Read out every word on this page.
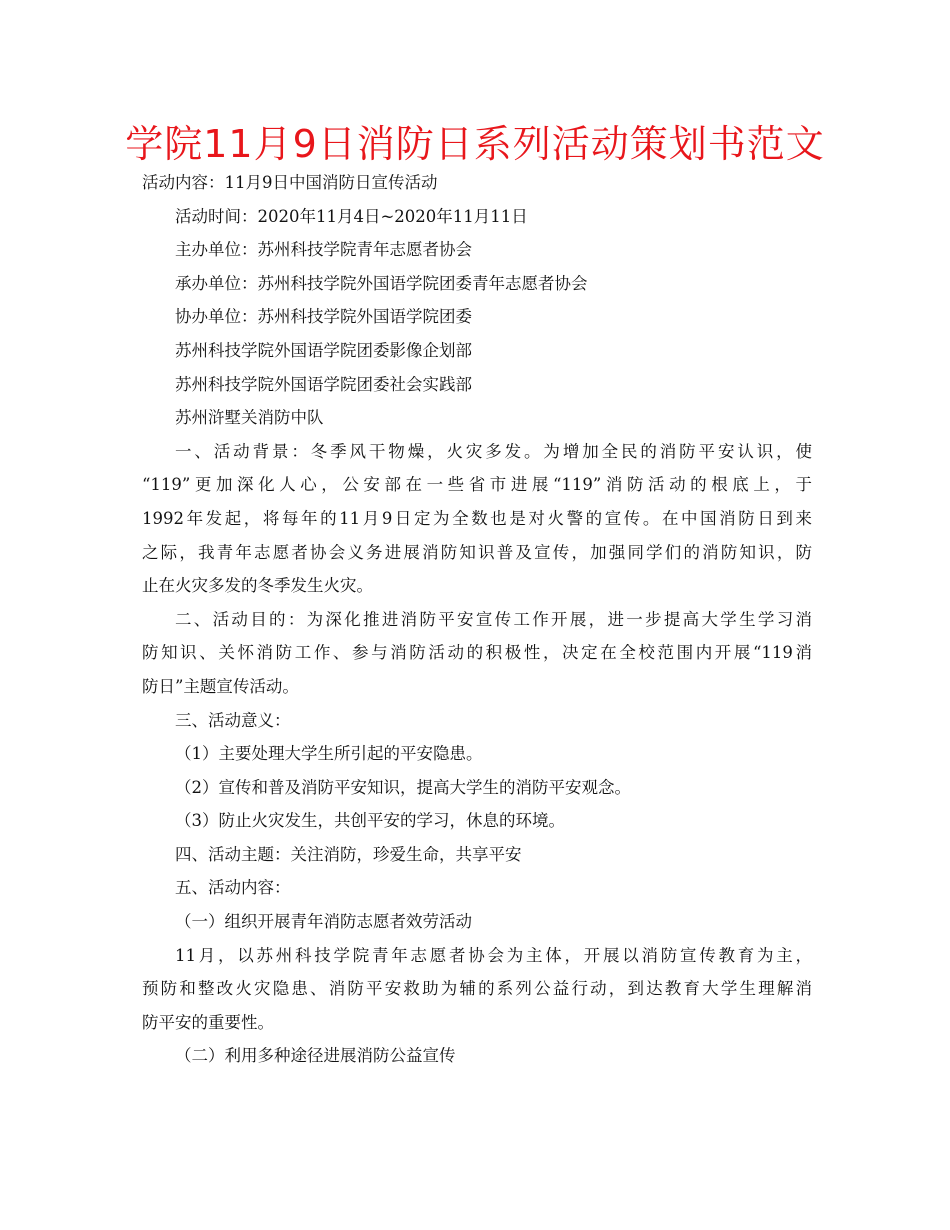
学院11月9日消防日系列活动策划书范文
活动内容：11月9日中国消防日宣传活动
活动时间：2020年11月4日~2020年11月11日
主办单位：苏州科技学院青年志愿者协会
承办单位：苏州科技学院外国语学院团委青年志愿者协会
协办单位：苏州科技学院外国语学院团委
苏州科技学院外国语学院团委影像企划部
苏州科技学院外国语学院团委社会实践部
苏州浒墅关消防中队
一、活动背景：冬季风干物燥，火灾多发。为增加全民的消防平安认识，使
“119”更加深化人心，公安部在一些省市进展“119”消防活动的根底上，于
1992年发起，将每年的11月9日定为全数也是对火警的宣传。在中国消防日到来
之际，我青年志愿者协会义务进展消防知识普及宣传，加强同学们的消防知识，防
止在火灾多发的冬季发生火灾。
二、活动目的：为深化推进消防平安宣传工作开展，进一步提高大学生学习消
防知识、关怀消防工作、参与消防活动的积极性，决定在全校范围内开展“119消
防日”主题宣传活动。
三、活动意义：
（1）主要处理大学生所引起的平安隐患。
（2）宣传和普及消防平安知识，提高大学生的消防平安观念。
（3）防止火灾发生，共创平安的学习，休息的环境。
四、活动主题：关注消防，珍爱生命，共享平安
五、活动内容：
（一）组织开展青年消防志愿者效劳活动
11月，以苏州科技学院青年志愿者协会为主体，开展以消防宣传教育为主，
预防和整改火灾隐患、消防平安救助为辅的系列公益行动，到达教育大学生理解消
防平安的重要性。
（二）利用多种途径进展消防公益宣传
